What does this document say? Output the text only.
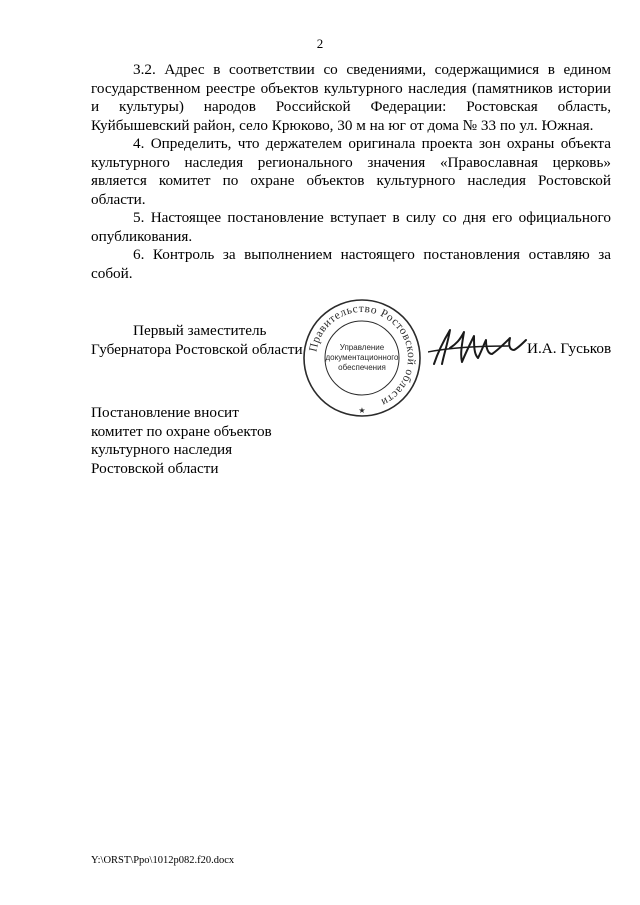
2

3.2. Адрес в соответствии со сведениями, содержащимися в едином государственном реестре объектов культурного наследия (памятников истории и культуры) народов Российской Федерации: Ростовская область, Куйбышевский район, село Крюково, 30 м на юг от дома № 33 по ул. Южная.

4. Определить, что держателем оригинала проекта зон охраны объекта культурного наследия регионального значения «Православная церковь» является комитет по охране объектов культурного наследия Ростовской области.

5. Настоящее постановление вступает в силу со дня его официального опубликования.

6. Контроль за выполнением настоящего постановления оставляю за собой.

Первый заместитель
Губернатора Ростовской области Правительство Ростовской области
Управление
документационного
обеспечения
★
И.А. Гуськов
Постановление вносит
комитет по охране объектов
культурного наследия
Ростовской области
Y:\ORST\Ppo\1012p082.f20.docx
